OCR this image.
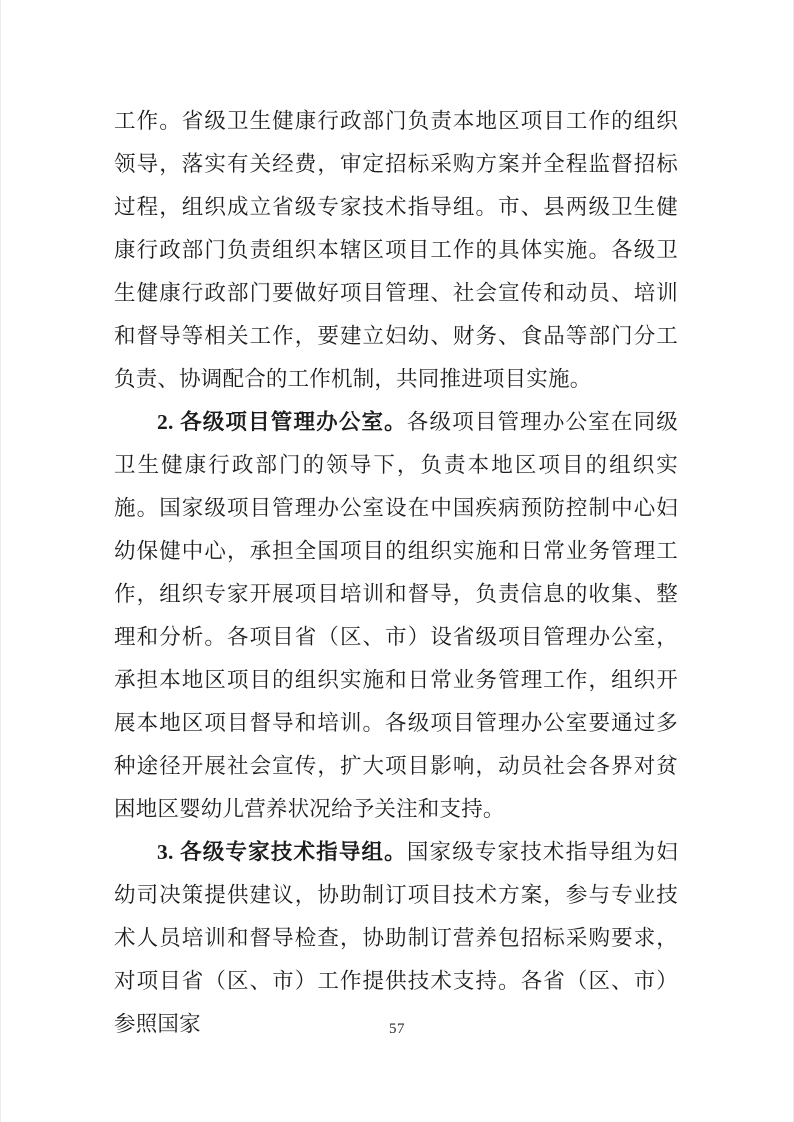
工作。省级卫生健康行政部门负责本地区项目工作的组织领导，落实有关经费，审定招标采购方案并全程监督招标过程，组织成立省级专家技术指导组。市、县两级卫生健康行政部门负责组织本辖区项目工作的具体实施。各级卫生健康行政部门要做好项目管理、社会宣传和动员、培训和督导等相关工作，要建立妇幼、财务、食品等部门分工负责、协调配合的工作机制，共同推进项目实施。

2. 各级项目管理办公室。各级项目管理办公室在同级卫生健康行政部门的领导下，负责本地区项目的组织实施。国家级项目管理办公室设在中国疾病预防控制中心妇幼保健中心，承担全国项目的组织实施和日常业务管理工作，组织专家开展项目培训和督导，负责信息的收集、整理和分析。各项目省（区、市）设省级项目管理办公室，承担本地区项目的组织实施和日常业务管理工作，组织开展本地区项目督导和培训。各级项目管理办公室要通过多种途径开展社会宣传，扩大项目影响，动员社会各界对贫困地区婴幼儿营养状况给予关注和支持。

3. 各级专家技术指导组。国家级专家技术指导组为妇幼司决策提供建议，协助制订项目技术方案，参与专业技术人员培训和督导检查，协助制订营养包招标采购要求，对项目省（区、市）工作提供技术支持。各省（区、市）参照国家	57
